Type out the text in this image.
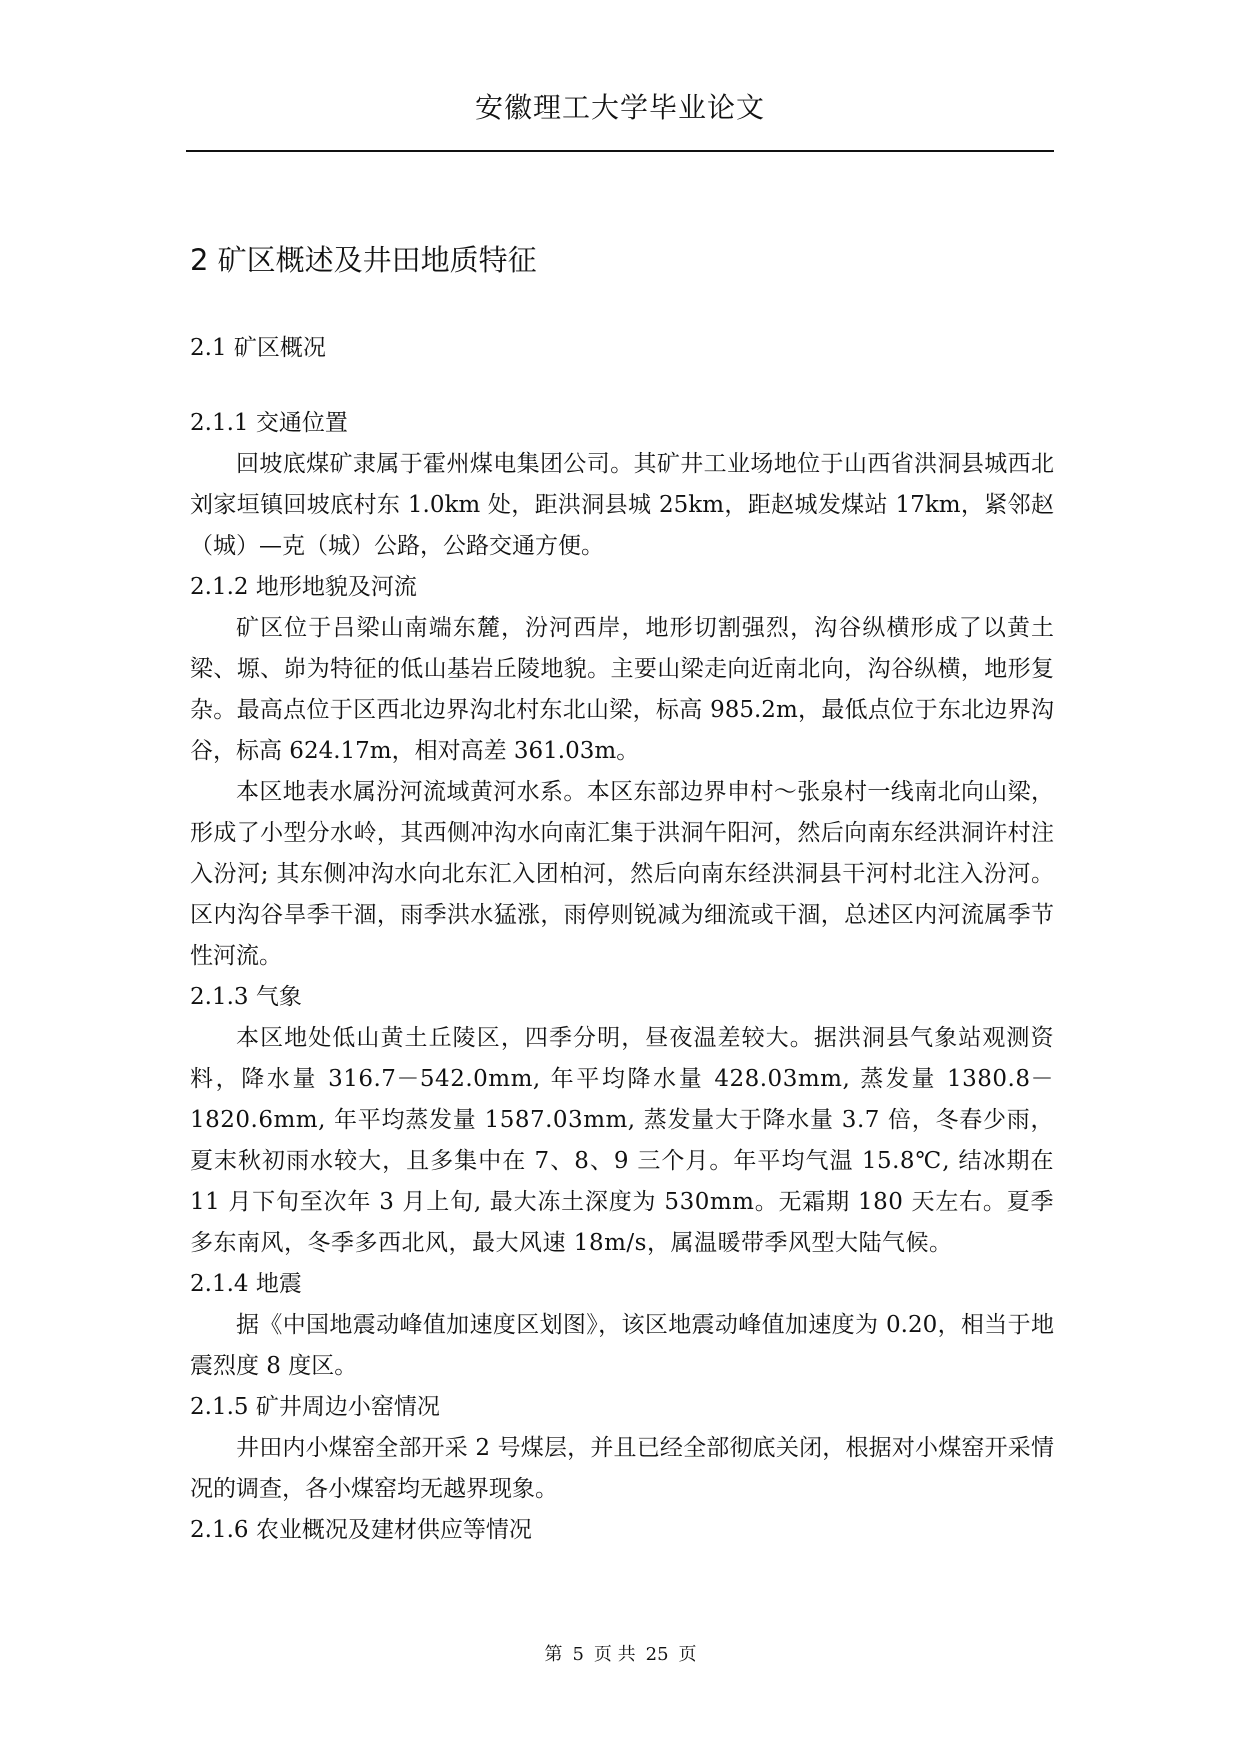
安徽理工大学毕业论文
2 矿区概述及井田地质特征
2.1 矿区概况
2.1.1 交通位置

回坡底煤矿隶属于霍州煤电集团公司。其矿井工业场地位于山西省洪洞县城西北刘家垣镇回坡底村东 1.0km 处，距洪洞县城 25km，距赵城发煤站 17km，紧邻赵（城）—克（城）公路，公路交通方便。

2.1.2 地形地貌及河流

矿区位于吕梁山南端东麓，汾河西岸，地形切割强烈，沟谷纵横形成了以黄土梁、塬、峁为特征的低山基岩丘陵地貌。主要山梁走向近南北向，沟谷纵横，地形复杂。最高点位于区西北边界沟北村东北山梁，标高 985.2m，最低点位于东北边界沟谷，标高 624.17m，相对高差 361.03m。

本区地表水属汾河流域黄河水系。本区东部边界申村～张泉村一线南北向山梁，形成了小型分水岭，其西侧冲沟水向南汇集于洪洞午阳河，然后向南东经洪洞许村注入汾河; 其东侧冲沟水向北东汇入团柏河，然后向南东经洪洞县干河村北注入汾河。区内沟谷旱季干涸，雨季洪水猛涨，雨停则锐减为细流或干涸，总述区内河流属季节性河流。

2.1.3 气象

本区地处低山黄土丘陵区，四季分明，昼夜温差较大。据洪洞县气象站观测资料，降水量 316.7－542.0mm, 年平均降水量 428.03mm, 蒸发量 1380.8－1820.6mm, 年平均蒸发量 1587.03mm, 蒸发量大于降水量 3.7 倍，冬春少雨，夏末秋初雨水较大，且多集中在 7、8、9 三个月。年平均气温 15.8℃, 结冰期在 11 月下旬至次年 3 月上旬, 最大冻土深度为 530mm。无霜期 180 天左右。夏季多东南风，冬季多西北风，最大风速 18m/s，属温暖带季风型大陆气候。

2.1.4 地震

据《中国地震动峰值加速度区划图》，该区地震动峰值加速度为 0.20，相当于地震烈度 8 度区。

2.1.5 矿井周边小窑情况

井田内小煤窑全部开采 2 号煤层，并且已经全部彻底关闭，根据对小煤窑开采情况的调查，各小煤窑均无越界现象。

2.1.6 农业概况及建材供应等情况
第 5 页 共 25 页
